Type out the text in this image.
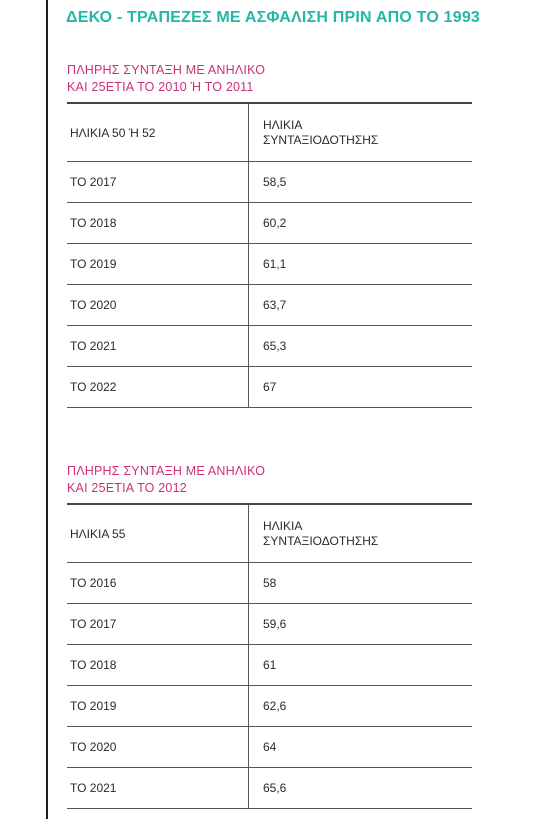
ΔΕΚΟ - ΤΡΑΠΕΖΕΣ ΜΕ ΑΣΦΑΛΙΣΗ ΠΡΙΝ ΑΠΟ ΤΟ 1993
ΠΛΗΡΗΣ ΣΥΝΤΑΞΗ ΜΕ ΑΝΗΛΙΚΟ
ΚΑΙ 25ΕΤΙΑ ΤΟ 2010 Ή ΤΟ 2011
ΗΛΙΚΙΑ 50 Ή 52	ΗΛΙΚΙΑ
ΣΥΝΤΑΞΙΟΔΟΤΗΣΗΣ

ΤΟ 2017	58,5
ΤΟ 2018	60,2
ΤΟ 2019	61,1
ΤΟ 2020	63,7
ΤΟ 2021	65,3
ΤΟ 2022	67
ΠΛΗΡΗΣ ΣΥΝΤΑΞΗ ΜΕ ΑΝΗΛΙΚΟ
ΚΑΙ 25ΕΤΙΑ ΤΟ 2012
ΗΛΙΚΙΑ 55	ΗΛΙΚΙΑ
ΣΥΝΤΑΞΙΟΔΟΤΗΣΗΣ

ΤΟ 2016	58
ΤΟ 2017	59,6
ΤΟ 2018	61
ΤΟ 2019	62,6
ΤΟ 2020	64
ΤΟ 2021	65,6
